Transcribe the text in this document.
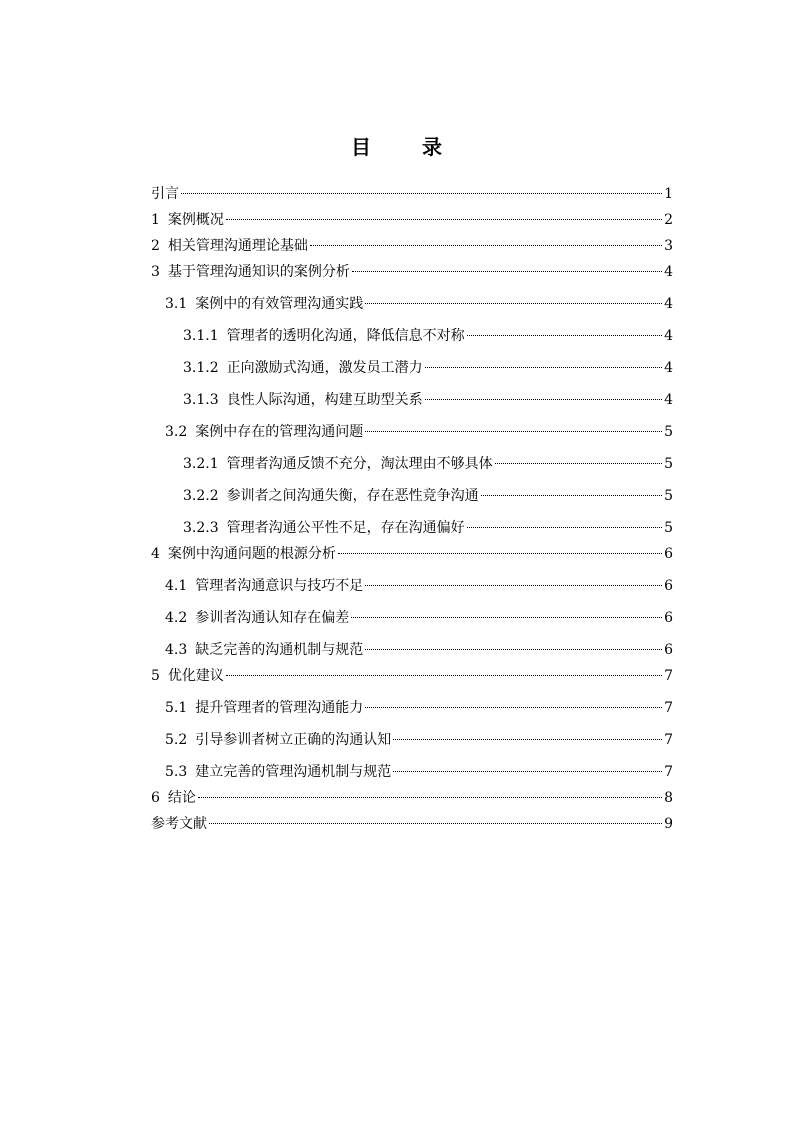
目 录
引言	1
1 案例概况	2
2 相关管理沟通理论基础	3
3 基于管理沟通知识的案例分析	4
3.1 案例中的有效管理沟通实践	4
3.1.1 管理者的透明化沟通，降低信息不对称	4
3.1.2 正向激励式沟通，激发员工潜力	4
3.1.3 良性人际沟通，构建互助型关系	4
3.2 案例中存在的管理沟通问题	5
3.2.1 管理者沟通反馈不充分，淘汰理由不够具体	5
3.2.2 参训者之间沟通失衡，存在恶性竞争沟通	5
3.2.3 管理者沟通公平性不足，存在沟通偏好	5
4 案例中沟通问题的根源分析	6
4.1 管理者沟通意识与技巧不足	6
4.2 参训者沟通认知存在偏差	6
4.3 缺乏完善的沟通机制与规范	6
5 优化建议	7
5.1 提升管理者的管理沟通能力	7
5.2 引导参训者树立正确的沟通认知	7
5.3 建立完善的管理沟通机制与规范	7
6 结论	8
参考文献	9
